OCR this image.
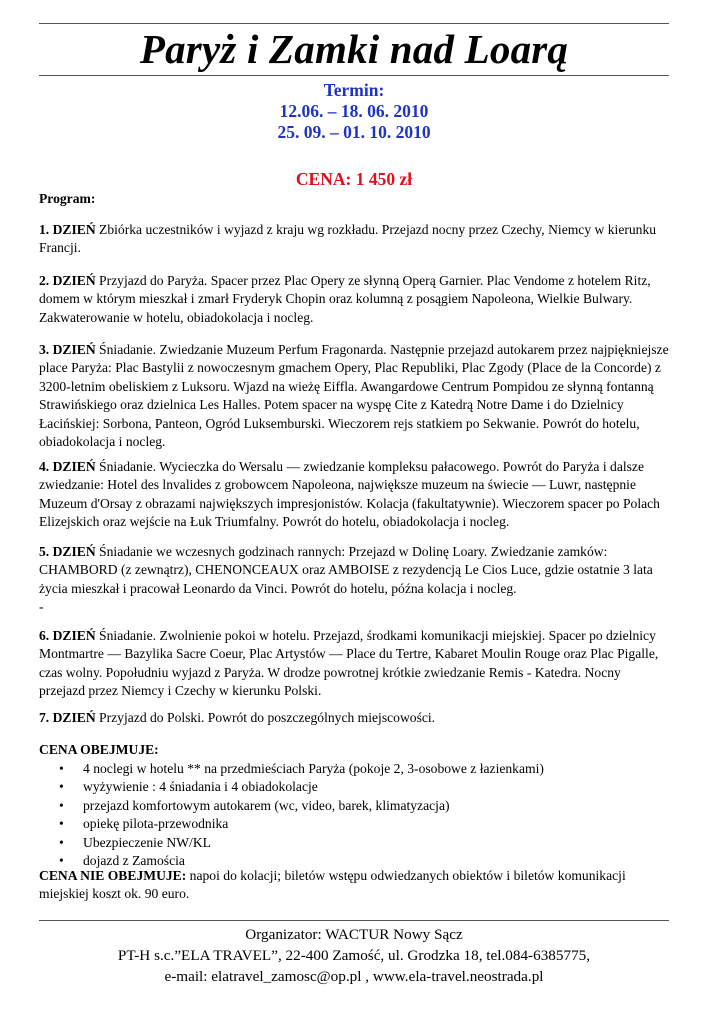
Paryż i Zamki nad Loarą
Termin:
12.06. – 18. 06. 2010
25. 09. – 01. 10. 2010
CENA: 1 450 zł
Program:
1. DZIEŃ Zbiórka uczestników i wyjazd z kraju wg rozkładu. Przejazd nocny przez Czechy, Niemcy w kierunku Francji.
2. DZIEŃ Przyjazd do Paryża. Spacer przez Plac Opery ze słynną Operą Garnier. Plac Vendome z hotelem Ritz, domem w którym mieszkał i zmarł Fryderyk Chopin oraz kolumną z posągiem Napoleona, Wielkie Bulwary. Zakwaterowanie w hotelu, obiadokolacja i nocleg.
3. DZIEŃ Śniadanie. Zwiedzanie Muzeum Perfum Fragonarda. Następnie przejazd autokarem przez najpiękniejsze place Paryża: Plac Bastylii z nowoczesnym gmachem Opery, Plac Republiki, Plac Zgody (Place de la Concorde) z 3200-letnim obeliskiem z Luksoru. Wjazd na wieżę Eiffla. Awangardowe Centrum Pompidou ze słynną fontanną Strawińskiego oraz dzielnica Les Halles. Potem spacer na wyspę Cite z Katedrą Notre Dame i do Dzielnicy Łacińskiej: Sorbona, Panteon, Ogród Luksemburski. Wieczorem rejs statkiem po Sekwanie. Powrót do hotelu, obiadokolacja i nocleg.
4. DZIEŃ Śniadanie. Wycieczka do Wersalu — zwiedzanie kompleksu pałacowego. Powrót do Paryża i dalsze zwiedzanie: Hotel des lnvalides z grobowcem Napoleona, największe muzeum na świecie — Luwr, następnie Muzeum d'Orsay z obrazami największych impresjonistów. Kolacja (fakultatywnie). Wieczorem spacer po Polach Elizejskich oraz wejście na Łuk Triumfalny. Powrót do hotelu, obiadokolacja i nocleg.
5. DZIEŃ Śniadanie we wczesnych godzinach rannych: Przejazd w Dolinę Loary. Zwiedzanie zamków: CHAMBORD (z zewnątrz), CHENONCEAUX oraz AMBOISE z rezydencją Le Cios Luce, gdzie ostatnie 3 lata życia mieszkał i pracował Leonardo da Vinci. Powrót do hotelu, późna kolacja i nocleg.
-
6. DZIEŃ Śniadanie. Zwolnienie pokoi w hotelu. Przejazd, środkami komunikacji miejskiej. Spacer po dzielnicy Montmartre — Bazylika Sacre Coeur, Plac Artystów — Place du Tertre, Kabaret Moulin Rouge oraz Plac Pigalle, czas wolny. Popołudniu wyjazd z Paryża. W drodze powrotnej krótkie zwiedzanie Remis - Katedra. Nocny przejazd przez Niemcy i Czechy w kierunku Polski.
7. DZIEŃ Przyjazd do Polski. Powrót do poszczególnych miejscowości.
CENA OBEJMUJE:
• 4 noclegi w hotelu ** na przedmieściach Paryża (pokoje 2, 3-osobowe z łazienkami)
• wyżywienie : 4 śniadania i 4 obiadokolacje
• przejazd komfortowym autokarem (wc, video, barek, klimatyzacja)
• opiekę pilota-przewodnika
• Ubezpieczenie NW/KL
• dojazd z Zamościa
CENA NIE OBEJMUJE: napoi do kolacji; biletów wstępu odwiedzanych obiektów i biletów komunikacji miejskiej koszt ok. 90 euro.
Organizator: WACTUR Nowy Sącz
PT-H s.c.”ELA TRAVEL”, 22-400 Zamość, ul. Grodzka 18, tel.084-6385775,
e-mail: elatravel_zamosc@op.pl , www.ela-travel.neostrada.pl
